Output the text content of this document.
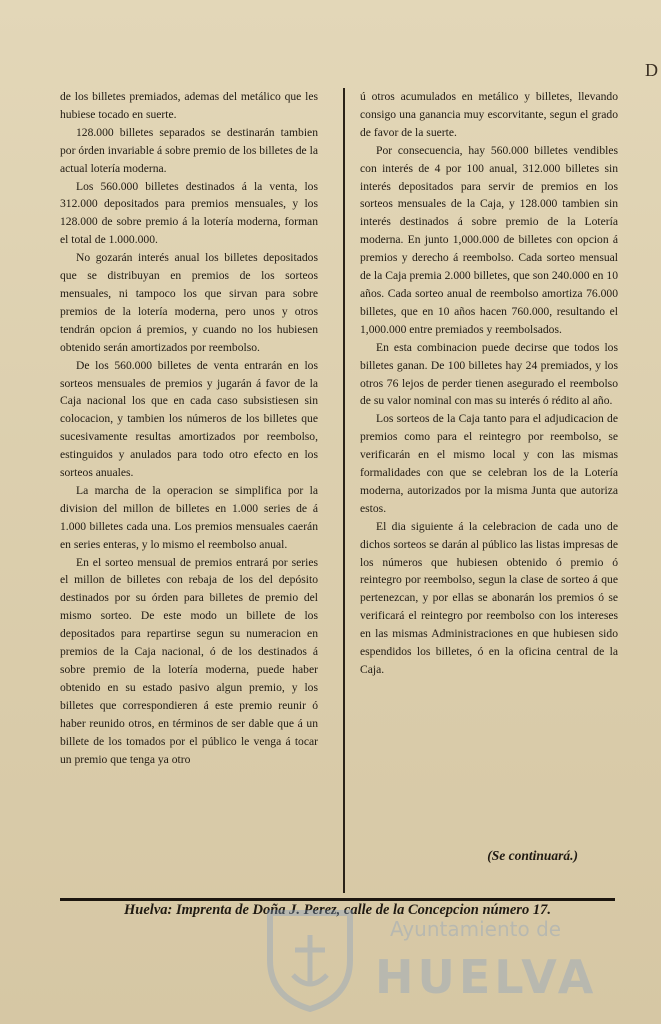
de los billetes premiados, ademas del metálico que les hubiese tocado en suerte.

128.000 billetes separados se destinarán tambien por órden invariable á sobre premio de los billetes de la actual lotería moderna.

Los 560.000 billetes destinados á la venta, los 312.000 depositados para premios mensuales, y los 128.000 de sobre premio á la lotería moderna, forman el total de 1.000.000.

No gozarán interés anual los billetes depositados que se distribuyan en premios de los sorteos mensuales, ni tampoco los que sirvan para sobre premios de la lotería moderna, pero unos y otros tendrán opcion á premios, y cuando no los hubiesen obtenido serán amortizados por reembolso.

De los 560.000 billetes de venta entrarán en los sorteos mensuales de premios y jugarán á favor de la Caja nacional los que en cada caso subsistiesen sin colocacion, y tambien los números de los billetes que sucesivamente resultas amortizados por reembolso, estinguidos y anulados para todo otro efecto en los sorteos anuales.

La marcha de la operacion se simplifica por la division del millon de billetes en 1.000 series de á 1.000 billetes cada una. Los premios mensuales caerán en series enteras, y lo mismo el reembolso anual.

En el sorteo mensual de premios entrará por series el millon de billetes con rebaja de los del depósito destinados por su órden para billetes de premio del mismo sorteo. De este modo un billete de los depositados para repartirse segun su numeracion en premios de la Caja nacional, ó de los destinados á sobre premio de la lotería moderna, puede haber obtenido en su estado pasivo algun premio, y los billetes que correspondieren á este premio reunir ó haber reunido otros, en términos de ser dable que á un billete de los tomados por el público le venga á tocar un premio que tenga ya otro

ú otros acumulados en metálico y billetes, llevando consigo una ganancia muy escorvitante, segun el grado de favor de la suerte.

Por consecuencia, hay 560.000 billetes vendibles con interés de 4 por 100 anual, 312.000 billetes sin interés depositados para servir de premios en los sorteos mensuales de la Caja, y 128.000 tambien sin interés destinados á sobre premio de la Lotería moderna. En junto 1,000.000 de billetes con opcion á premios y derecho á reembolso. Cada sorteo mensual de la Caja premia 2.000 billetes, que son 240.000 en 10 años. Cada sorteo anual de reembolso amortiza 76.000 billetes, que en 10 años hacen 760.000, resultando el 1,000.000 entre premiados y reembolsados.

En esta combinacion puede decirse que todos los billetes ganan. De 100 billetes hay 24 premiados, y los otros 76 lejos de perder tienen asegurado el reembolso de su valor nominal con mas su interés ó rédito al año.

Los sorteos de la Caja tanto para el adjudicacion de premios como para el reintegro por reembolso, se verificarán en el mismo local y con las mismas formalidades con que se celebran los de la Lotería moderna, autorizados por la misma Junta que autoriza estos.

El dia siguiente á la celebracion de cada uno de dichos sorteos se darán al público las listas impresas de los números que hubiesen obtenido ó premio ó reintegro por reembolso, segun la clase de sorteo á que pertenezcan, y por ellas se abonarán los premios ó se verificará el reintegro por reembolso con los intereses en las mismas Administraciones en que hubiesen sido espendidos los billetes, ó en la oficina central de la Caja.

(Se continuará.)
Huelva: Imprenta de Doña J. Perez, calle de la Concepcion número 17.
Ayuntamiento de
HUELVA
D
